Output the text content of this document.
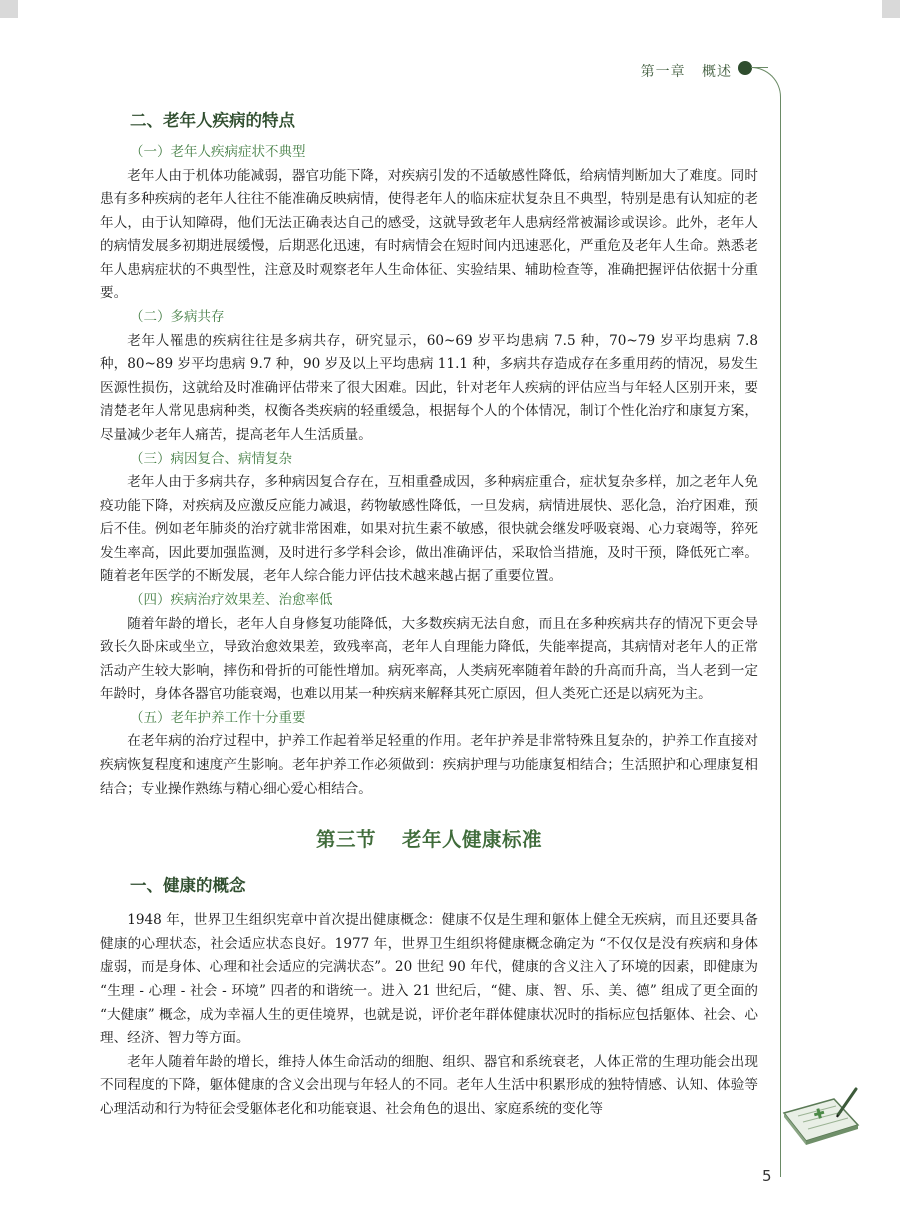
第一章 概述
二、老年人疾病的特点
（一）老年人疾病症状不典型

老年人由于机体功能减弱，器官功能下降，对疾病引发的不适敏感性降低，给病情判断加大了难度。同时患有多种疾病的老年人往往不能准确反映病情，使得老年人的临床症状复杂且不典型，特别是患有认知症的老年人，由于认知障碍，他们无法正确表达自己的感受，这就导致老年人患病经常被漏诊或误诊。此外，老年人的病情发展多初期进展缓慢，后期恶化迅速，有时病情会在短时间内迅速恶化，严重危及老年人生命。熟悉老年人患病症状的不典型性，注意及时观察老年人生命体征、实验结果、辅助检查等，准确把握评估依据十分重要。

（二）多病共存

老年人罹患的疾病往往是多病共存，研究显示，60~69 岁平均患病 7.5 种，70~79 岁平均患病 7.8 种，80~89 岁平均患病 9.7 种，90 岁及以上平均患病 11.1 种，多病共存造成存在多重用药的情况，易发生医源性损伤，这就给及时准确评估带来了很大困难。因此，针对老年人疾病的评估应当与年轻人区别开来，要清楚老年人常见患病种类，权衡各类疾病的轻重缓急，根据每个人的个体情况，制订个性化治疗和康复方案，尽量减少老年人痛苦，提高老年人生活质量。

（三）病因复合、病情复杂

老年人由于多病共存，多种病因复合存在，互相重叠成因，多种病症重合，症状复杂多样，加之老年人免疫功能下降，对疾病及应激反应能力减退，药物敏感性降低，一旦发病，病情进展快、恶化急，治疗困难，预后不佳。例如老年肺炎的治疗就非常困难，如果对抗生素不敏感，很快就会继发呼吸衰竭、心力衰竭等，猝死发生率高，因此要加强监测，及时进行多学科会诊，做出准确评估，采取恰当措施，及时干预，降低死亡率。随着老年医学的不断发展，老年人综合能力评估技术越来越占据了重要位置。

（四）疾病治疗效果差、治愈率低

随着年龄的增长，老年人自身修复功能降低，大多数疾病无法自愈，而且在多种疾病共存的情况下更会导致长久卧床或坐立，导致治愈效果差，致残率高，老年人自理能力降低，失能率提高，其病情对老年人的正常活动产生较大影响，摔伤和骨折的可能性增加。病死率高，人类病死率随着年龄的升高而升高，当人老到一定年龄时，身体各器官功能衰竭，也难以用某一种疾病来解释其死亡原因，但人类死亡还是以病死为主。

（五）老年护养工作十分重要

在老年病的治疗过程中，护养工作起着举足轻重的作用。老年护养是非常特殊且复杂的，护养工作直接对疾病恢复程度和速度产生影响。老年护养工作必须做到：疾病护理与功能康复相结合；生活照护和心理康复相结合；专业操作熟练与精心细心爱心相结合。

第三节 老年人健康标准
一、健康的概念

1948 年，世界卫生组织宪章中首次提出健康概念：健康不仅是生理和躯体上健全无疾病，而且还要具备健康的心理状态，社会适应状态良好。1977 年，世界卫生组织将健康概念确定为 “不仅仅是没有疾病和身体虚弱，而是身体、心理和社会适应的完满状态”。20 世纪 90 年代，健康的含义注入了环境的因素，即健康为 “生理 - 心理 - 社会 - 环境” 四者的和谐统一。进入 21 世纪后，“健、康、智、乐、美、德” 组成了更全面的 “大健康” 概念，成为幸福人生的更佳境界，也就是说，评价老年群体健康状况时的指标应包括躯体、社会、心理、经济、智力等方面。

老年人随着年龄的增长，维持人体生命活动的细胞、组织、器官和系统衰老，人体正常的生理功能会出现不同程度的下降，躯体健康的含义会出现与年轻人的不同。老年人生活中积累形成的独特情感、认知、体验等心理活动和行为特征会受躯体老化和功能衰退、社会角色的退出、家庭系统的变化等

5
